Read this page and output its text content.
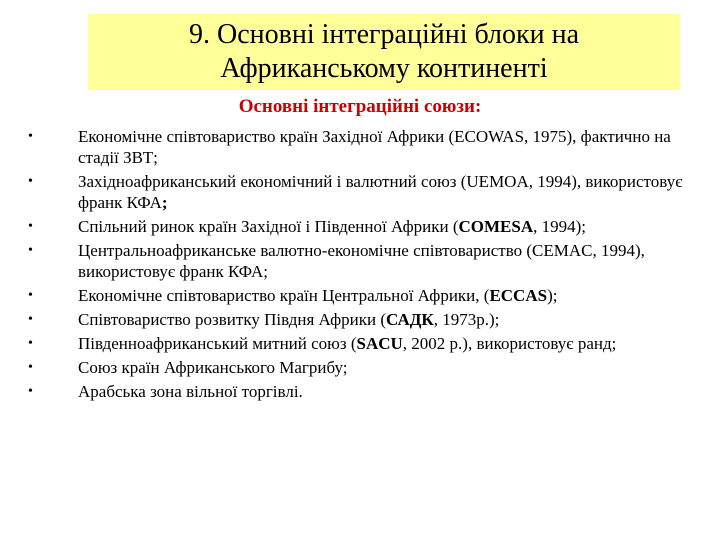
9. Основні інтеграційні блоки на
Африканському континенті
Основні інтеграційні союзи:
•	Економічне співтовариство країн Західної Африки (ECOWAS, 1975), фактично на стадії ЗВТ;
•	Західноафриканський економічний і валютний союз (UEMOA, 1994), використовує франк КФА;
•	Спільний ринок країн Західної і Південної Африки (COMESA, 1994);
•	Центральноафриканське валютно-економічне співтовариство (CEMAC, 1994), використовує франк КФА;
•	Економічне співтовариство країн Центральної Африки, (ECCAS);
•	Співтовариство розвитку Півдня Африки (САДК, 1973р.);
•	Південноафриканський митний союз (SACU, 2002 р.), використовує ранд;
•	Союз країн Африканського Магрибу;
•	Арабська зона вільної торгівлі.
